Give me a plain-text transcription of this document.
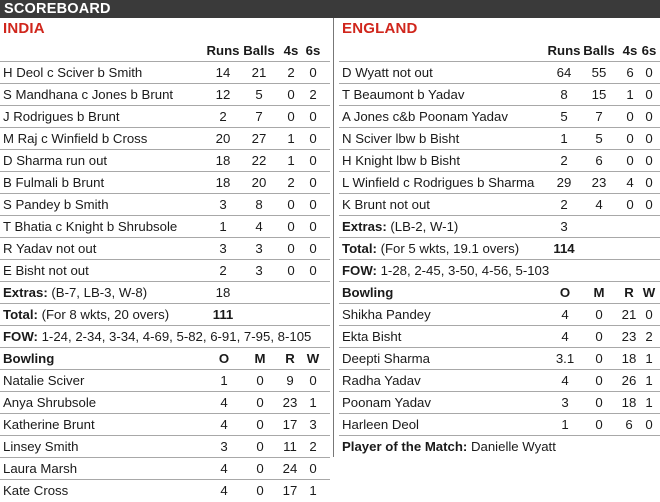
SCOREBOARD
INDIA
Runs Balls 4s 6s
H Deol c Sciver b Smith	14	21	2	0
S Mandhana c Jones b Brunt	12	5	0	2
J Rodrigues b Brunt	2	7	0	0
M Raj c Winfield b Cross	20	27	1	0
D Sharma run out	18	22	1	0
B Fulmali b Brunt	18	20	2	0
S Pandey b Smith	3	8	0	0
T Bhatia c Knight b Shrubsole	1	4	0	0
R Yadav not out	3	3	0	0
E Bisht not out	2	3	0	0
Extras: (B-7, LB-3, W-8)	18
Total: (For 8 wkts, 20 overs)	111
FOW: 1-24, 2-34, 3-34, 4-69, 5-82, 6-91, 7-95, 8-105
Bowling	O	M	R W
Natalie Sciver	1	0	9	0
Anya Shrubsole	4	0	23 1
Katherine Brunt	4	0	17 3
Linsey Smith	3	0	11 2
Laura Marsh	4	0	24 0
Kate Cross	4	0	17 1
ENGLAND
Runs Balls 4s 6s
D Wyatt not out	64	55	6 0
T Beaumont b Yadav	8	15	1 0
A Jones c&b Poonam Yadav	5	7	0 0
N Sciver lbw b Bisht	1	5	0 0
H Knight lbw b Bisht	2	6	0 0
L Winfield c Rodrigues b Sharma	29	23	4 0
K Brunt not out	2	4	0 0
Extras: (LB-2, W-1)	3
Total: (For 5 wkts, 19.1 overs)	114
FOW: 1-28, 2-45, 3-50, 4-56, 5-103
Bowling	O	M	R W
Shikha Pandey	4	0	21 0
Ekta Bisht	4	0	23 2
Deepti Sharma	3.1	0	18 1
Radha Yadav	4	0	26 1
Poonam Yadav	3	0	18 1
Harleen Deol	1	0	6 0
Player of the Match: Danielle Wyatt
